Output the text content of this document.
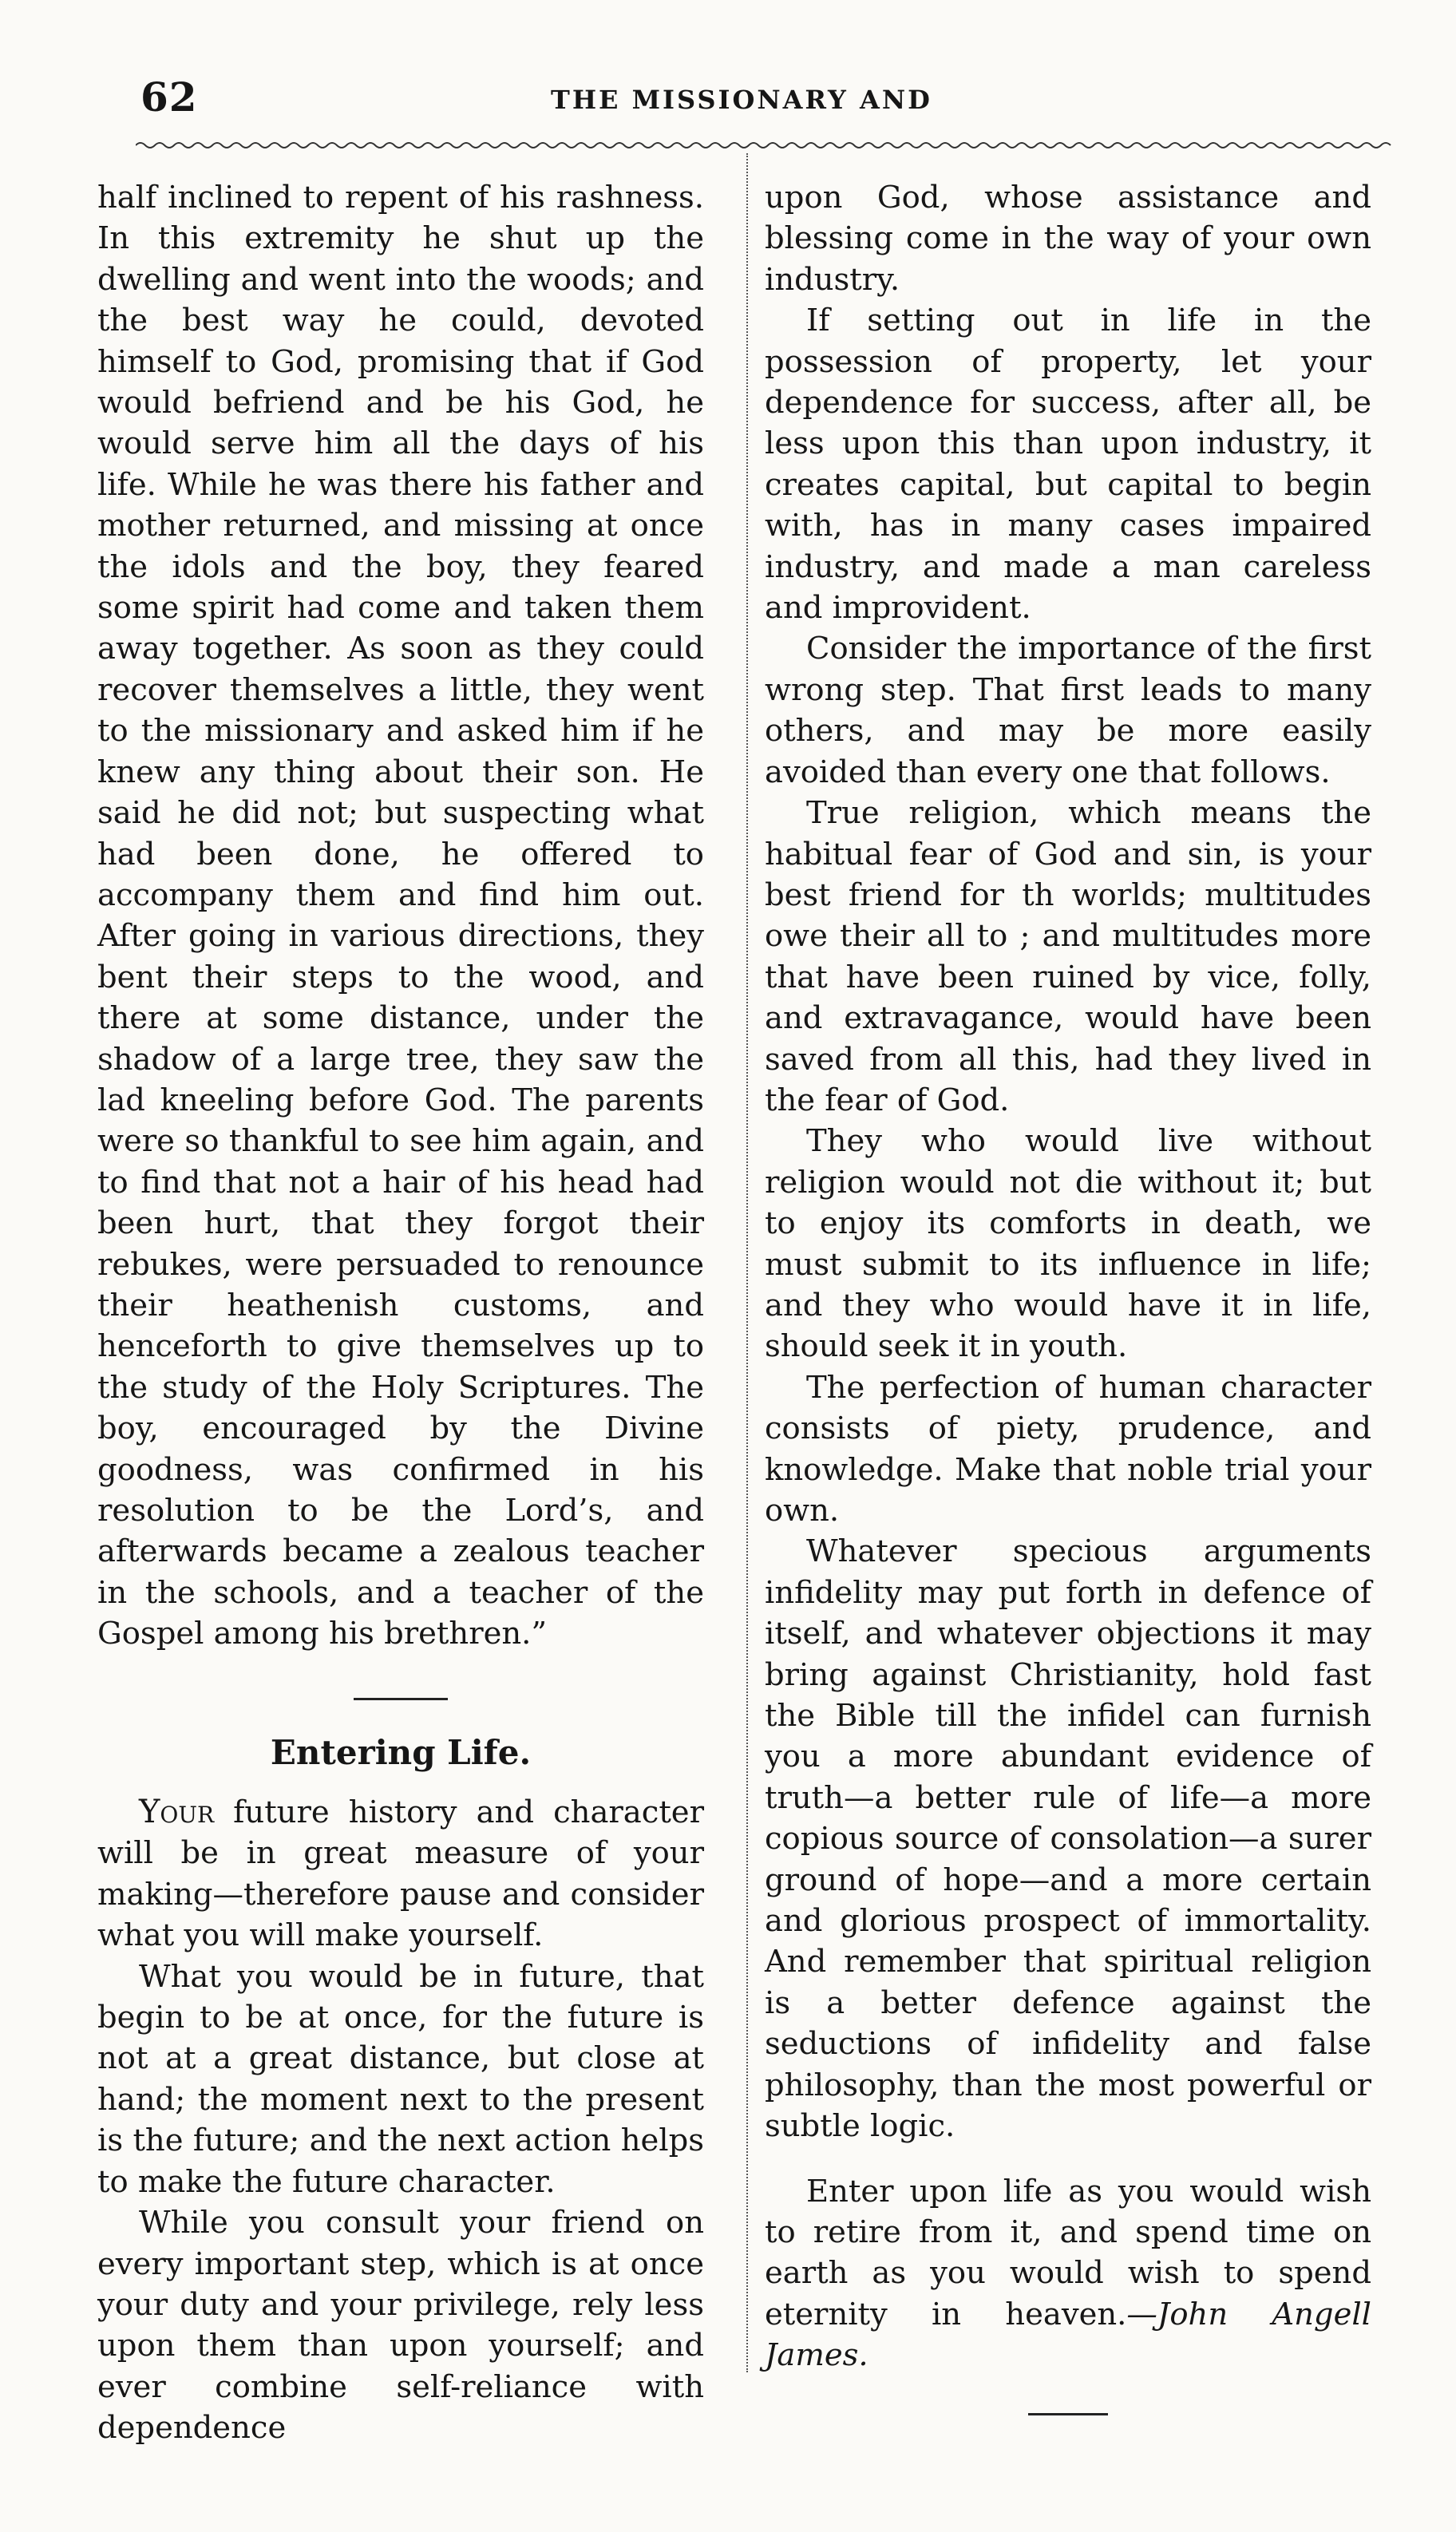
62	THE MISSIONARY AND

half inclined to repent of his rashness. In this extremity he shut up the dwelling and went into the woods; and the best way he could, devoted himself to God, promising that if God would befriend and be his God, he would serve him all the days of his life. While he was there his father and mother returned, and missing at once the idols and the boy, they feared some spirit had come and taken them away together. As soon as they could recover themselves a little, they went to the missionary and asked him if he knew any thing about their son. He said he did not; but suspecting what had been done, he offered to accompany them and find him out. After going in various directions, they bent their steps to the wood, and there at some distance, under the shadow of a large tree, they saw the lad kneeling before God. The parents were so thankful to see him again, and to find that not a hair of his head had been hurt, that they forgot their rebukes, were persuaded to renounce their heathenish customs, and henceforth to give themselves up to the study of the Holy Scriptures. The boy, encouraged by the Divine goodness, was confirmed in his resolution to be the Lord’s, and afterwards became a zealous teacher in the schools, and a teacher of the Gospel among his brethren.”

Entering Life.

Your future history and character will be in great measure of your making—therefore pause and consider what you will make yourself.

What you would be in future, that begin to be at once, for the future is not at a great distance, but close at hand; the moment next to the present is the future; and the next action helps to make the future character.

While you consult your friend on every important step, which is at once your duty and your privilege, rely less upon them than upon yourself; and ever combine self-reliance with dependence

upon God, whose assistance and blessing come in the way of your own industry.

If setting out in life in the possession of property, let your dependence for success, after all, be less upon this than upon industry, it creates capital, but capital to begin with, has in many cases impaired industry, and made a man careless and improvident.

Consider the importance of the first wrong step. That first leads to many others, and may be more easily avoided than every one that follows.

True religion, which means the habitual fear of God and sin, is your best friend for th worlds; multitudes owe their all to ; and multitudes more that have been ruined by vice, folly, and extravagance, would have been saved from all this, had they lived in the fear of God.

They who would live without religion would not die without it; but to enjoy its comforts in death, we must submit to its influence in life; and they who would have it in life, should seek it in youth.

The perfection of human character consists of piety, prudence, and knowledge. Make that noble trial your own.

Whatever specious arguments infidelity may put forth in defence of itself, and whatever objections it may bring against Christianity, hold fast the Bible till the infidel can furnish you a more abundant evidence of truth—a better rule of life—a more copious source of consolation—a surer ground of hope—and a more certain and glorious prospect of immortality. And remember that spiritual religion is a better defence against the seductions of infidelity and false philosophy, than the most powerful or subtle logic.

Enter upon life as you would wish to retire from it, and spend time on earth as you would wish to spend eternity in heaven.—John Angell James.
